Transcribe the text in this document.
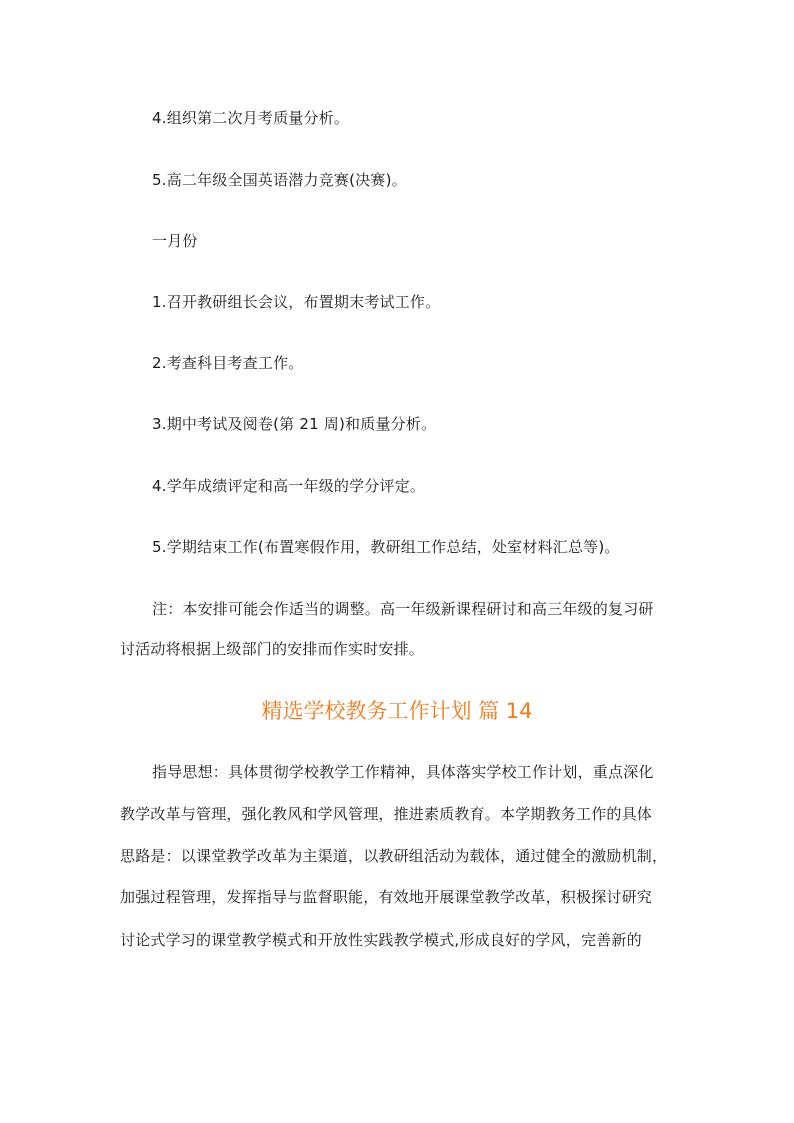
4.组织第二次月考质量分析。
5.高二年级全国英语潜力竞赛(决赛)。
一月份
1.召开教研组长会议，布置期末考试工作。
2.考查科目考查工作。
3.期中考试及阅卷(第 21 周)和质量分析。
4.学年成绩评定和高一年级的学分评定。
5.学期结束工作(布置寒假作用，教研组工作总结，处室材料汇总等)。
注：本安排可能会作适当的调整。高一年级新课程研讨和高三年级的复习研
讨活动将根据上级部门的安排而作实时安排。
精选学校教务工作计划 篇 14
指导思想：具体贯彻学校教学工作精神，具体落实学校工作计划，重点深化
教学改革与管理，强化教风和学风管理，推进素质教育。本学期教务工作的具体
思路是：以课堂教学改革为主渠道，以教研组活动为载体，通过健全的激励机制，
加强过程管理，发挥指导与监督职能，有效地开展课堂教学改革，积极探讨研究
讨论式学习的课堂教学模式和开放性实践教学模式,形成良好的学风，完善新的
